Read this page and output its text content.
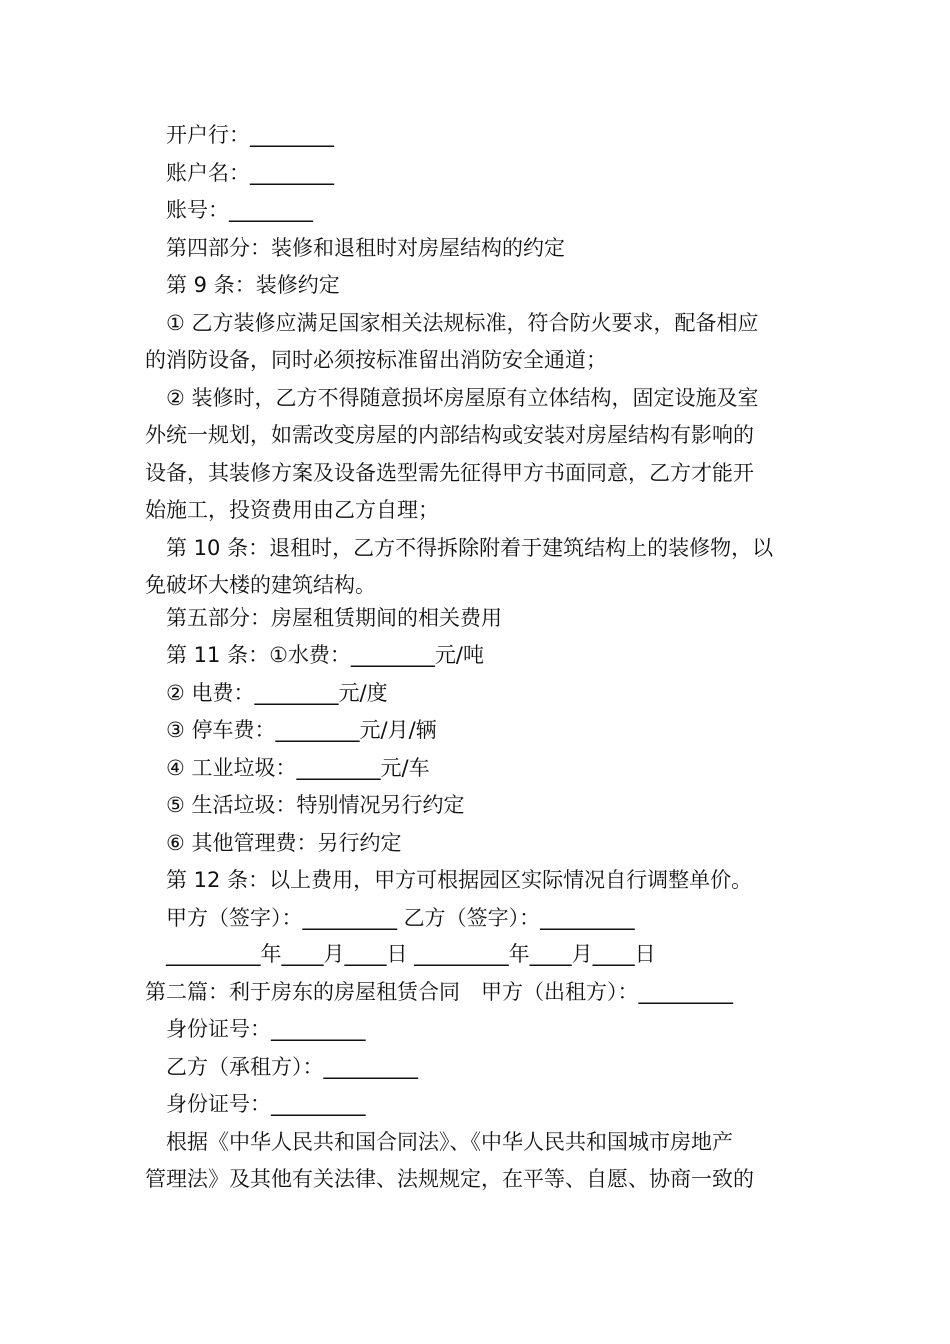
开户行：________
账户名：________
账号：________
第四部分：装修和退租时对房屋结构的约定
第 9 条：装修约定
① 乙方装修应满足国家相关法规标准，符合防火要求，配备相应
的消防设备，同时必须按标准留出消防安全通道；
② 装修时，乙方不得随意损坏房屋原有立体结构，固定设施及室
外统一规划，如需改变房屋的内部结构或安装对房屋结构有影响的
设备，其装修方案及设备选型需先征得甲方书面同意，乙方才能开
始施工，投资费用由乙方自理；
第 10 条：退租时，乙方不得拆除附着于建筑结构上的装修物，以
免破坏大楼的建筑结构。
第五部分：房屋租赁期间的相关费用
第 11 条：①水费：________元/吨
② 电费：________元/度
③ 停车费：________元/月/辆
④ 工业垃圾：________元/车
⑤ 生活垃圾：特别情况另行约定
⑥ 其他管理费：另行约定
第 12 条：以上费用，甲方可根据园区实际情况自行调整单价。
甲方（签字）：_________ 乙方（签字）：_________
_________年____月____日 _________年____月____日
第二篇：利于房东的房屋租赁合同　甲方（出租方）：_________
身份证号：_________
乙方（承租方）：_________
身份证号：_________
根据《中华人民共和国合同法》、《中华人民共和国城市房地产
管理法》及其他有关法律、法规规定，在平等、自愿、协商一致的
